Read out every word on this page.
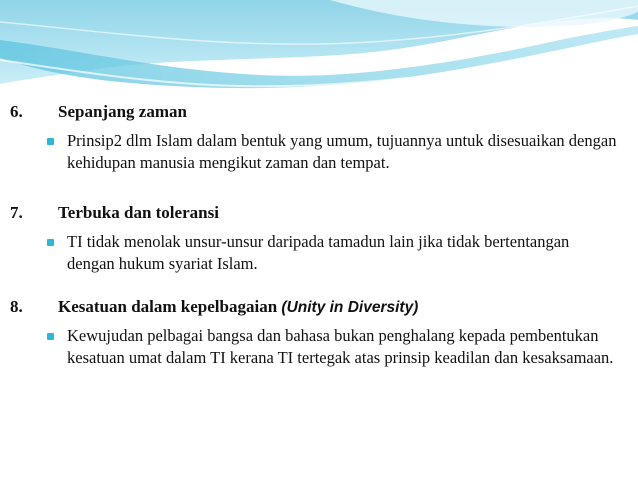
6. Sepanjang zaman
Prinsip2 dlm Islam dalam bentuk yang umum, tujuannya untuk disesuaikan dengan kehidupan manusia mengikut zaman dan tempat.
7. Terbuka dan toleransi
TI tidak menolak unsur-unsur daripada tamadun lain jika tidak bertentangan dengan hukum syariat Islam.
8. Kesatuan dalam kepelbagaian (Unity in Diversity)
Kewujudan pelbagai bangsa dan bahasa bukan penghalang kepada pembentukan kesatuan umat dalam TI kerana TI tertegak atas prinsip keadilan dan kesaksamaan.
